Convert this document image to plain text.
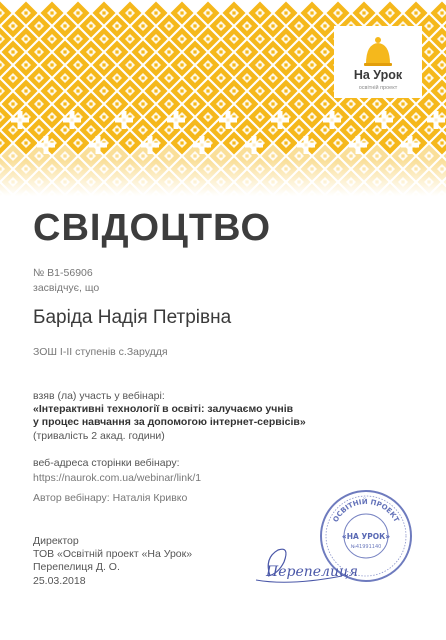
На Урок
освітній проект
СВІДОЦТВО

№ В1-56906

засвідчує, що

Баріда Надія Петрівна

ЗОШ І-ІІ ступенів с.Заруддя

взяв (ла) участь у вебінарі:

«Інтерактивні технології в освіті: залучаємо учнів

у процес навчання за допомогою інтернет-сервісів»

(тривалість 2 акад. години)

веб-адреса сторінки вебінару:

https://naurok.com.ua/webinar/link/1

Автор вебінару: Наталія Кривко

Директор

ТОВ «Освітній проект «На Урок»

Перепелиця Д. О.

25.03.2018

ОСВІТНІЙ ПРОЕКТ
«НА УРОК»
№41991140
Перепелиця
